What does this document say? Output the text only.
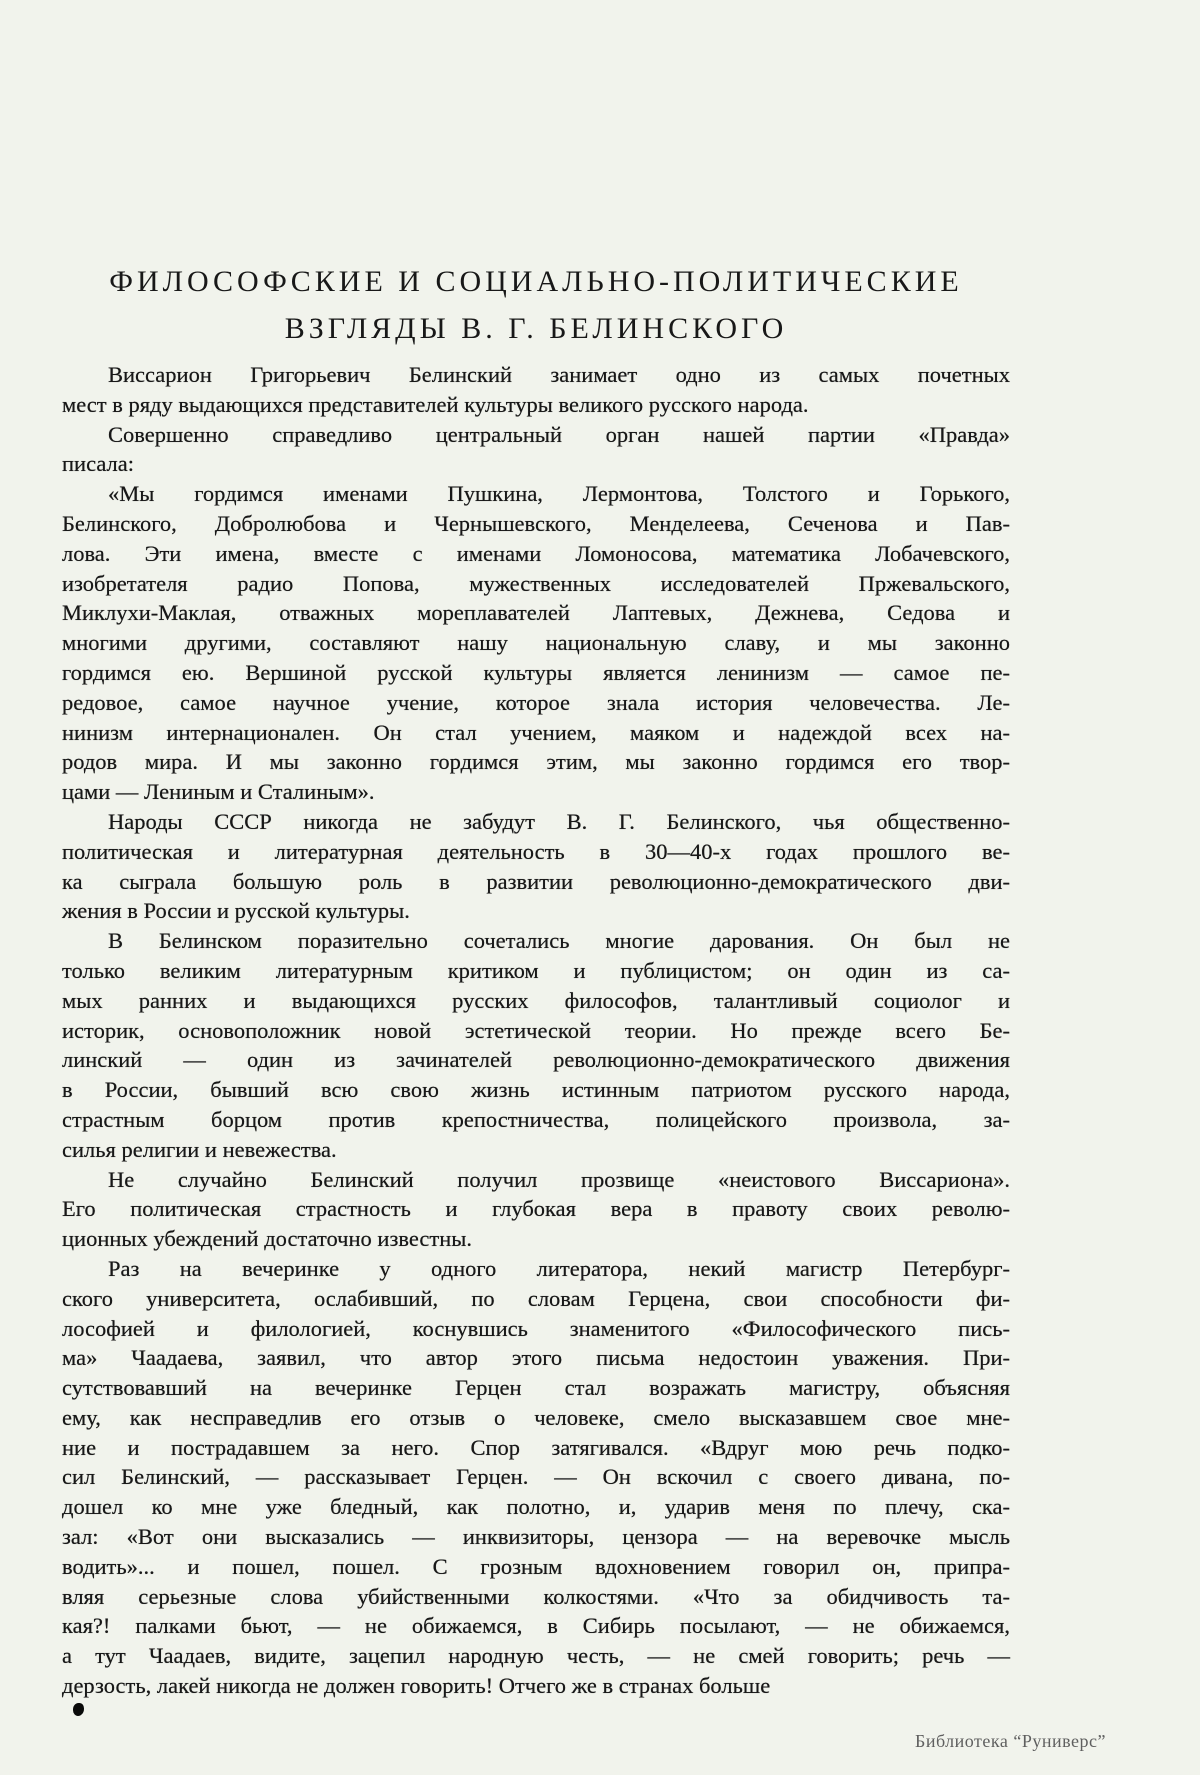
ФИЛОСОФСКИЕ И СОЦИАЛЬНО-ПОЛИТИЧЕСКИЕ
ВЗГЛЯДЫ В. Г. БЕЛИНСКОГО
Виссарион Григорьевич Белинский занимает одно из самых почетных
мест в ряду выдающихся представителей культуры великого русского народа.
Совершенно справедливо центральный орган нашей партии «Правда»
писала:
«Мы гордимся именами Пушкина, Лермонтова, Толстого и Горького,
Белинского, Добролюбова и Чернышевского, Менделеева, Сеченова и Пав-
лова. Эти имена, вместе с именами Ломоносова, математика Лобачевского,
изобретателя радио Попова, мужественных исследователей Пржевальского,
Миклухи-Маклая, отважных мореплавателей Лаптевых, Дежнева, Седова и
многими другими, составляют нашу национальную славу, и мы законно
гордимся ею. Вершиной русской культуры является ленинизм — самое пе-
редовое, самое научное учение, которое знала история человечества. Ле-
нинизм интернационален. Он стал учением, маяком и надеждой всех на-
родов мира. И мы законно гордимся этим, мы законно гордимся его твор-
цами — Лениным и Сталиным».
Народы СССР никогда не забудут В. Г. Белинского, чья общественно-
политическая и литературная деятельность в 30—40-х годах прошлого ве-
ка сыграла большую роль в развитии революционно-демократического дви-
жения в России и русской культуры.
В Белинском поразительно сочетались многие дарования. Он был не
только великим литературным критиком и публицистом; он один из са-
мых ранних и выдающихся русских философов, талантливый социолог и
историк, основоположник новой эстетической теории. Но прежде всего Бе-
линский — один из зачинателей революционно-демократического движения
в России, бывший всю свою жизнь истинным патриотом русского народа,
страстным борцом против крепостничества, полицейского произвола, за-
силья религии и невежества.
Не случайно Белинский получил прозвище «неистового Виссариона».
Его политическая страстность и глубокая вера в правоту своих револю-
ционных убеждений достаточно известны.
Раз на вечеринке у одного литератора, некий магистр Петербург-
ского университета, ослабивший, по словам Герцена, свои способности фи-
лософией и филологией, коснувшись знаменитого «Философического пись-
ма» Чаадаева, заявил, что автор этого письма недостоин уважения. При-
сутствовавший на вечеринке Герцен стал возражать магистру, объясняя
ему, как несправедлив его отзыв о человеке, смело высказавшем свое мне-
ние и пострадавшем за него. Спор затягивался. «Вдруг мою речь подко-
сил Белинский, — рассказывает Герцен. — Он вскочил с своего дивана, по-
дошел ко мне уже бледный, как полотно, и, ударив меня по плечу, ска-
зал: «Вот они высказались — инквизиторы, цензора — на веревочке мысль
водить»... и пошел, пошел. С грозным вдохновением говорил он, припра-
вляя серьезные слова убийственными колкостями. «Что за обидчивость та-
кая?! палками бьют, — не обижаемся, в Сибирь посылают, — не обижаемся,
а тут Чаадаев, видите, зацепил народную честь, — не смей говорить; речь —
дерзость, лакей никогда не должен говорить! Отчего же в странах больше
Библиотека “Руниверс”
